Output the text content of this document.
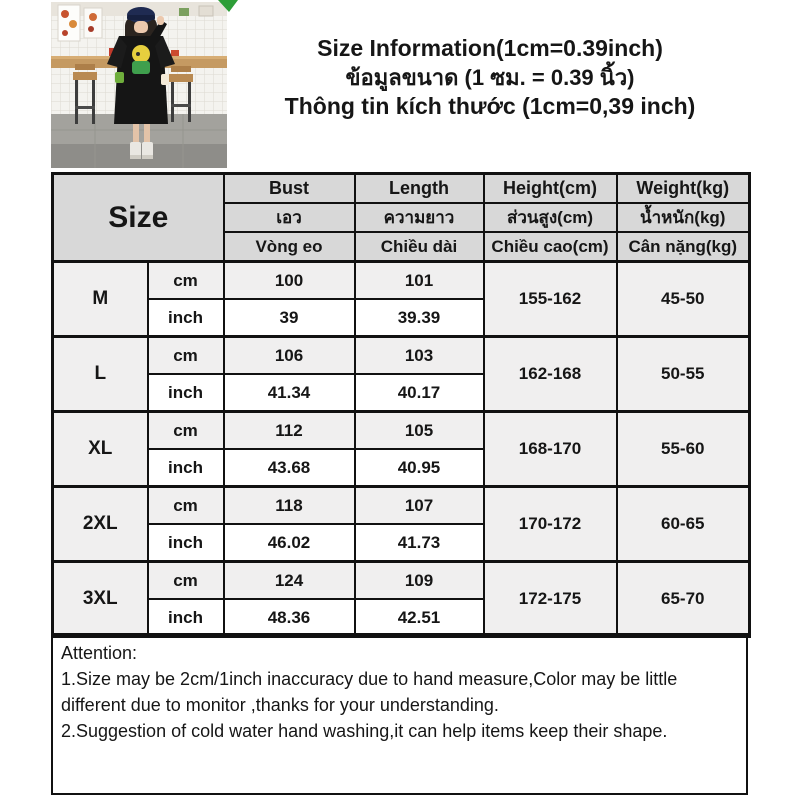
Size Information(1cm=0.39inch)
ข้อมูลขนาด (1 ซม. = 0.39 นิ้ว)
Thông tin kích thước (1cm=0,39 inch)
Size		Bust	Length	Height(cm)	Weight(kg)
		เอว	ความยาว	ส่วนสูง(cm)	น้ำหนัก(kg)
		Vòng eo	Chiều dài	Chiều cao(cm)	Cân nặng(kg)
M	cm	100	101	155-162	45-50
	inch	39	39.39		
L	cm	106	103	162-168	50-55
	inch	41.34	40.17		
XL	cm	112	105	168-170	55-60
	inch	43.68	40.95		
2XL	cm	118	107	170-172	60-65
	inch	46.02	41.73		
3XL	cm	124	109	172-175	65-70
	inch	48.36	42.51		
Attention:
1.Size may be 2cm/1inch inaccuracy due to hand measure,Color may be little different due to monitor ,thanks for your understanding.
2.Suggestion of cold water hand washing,it can help items keep their shape.
